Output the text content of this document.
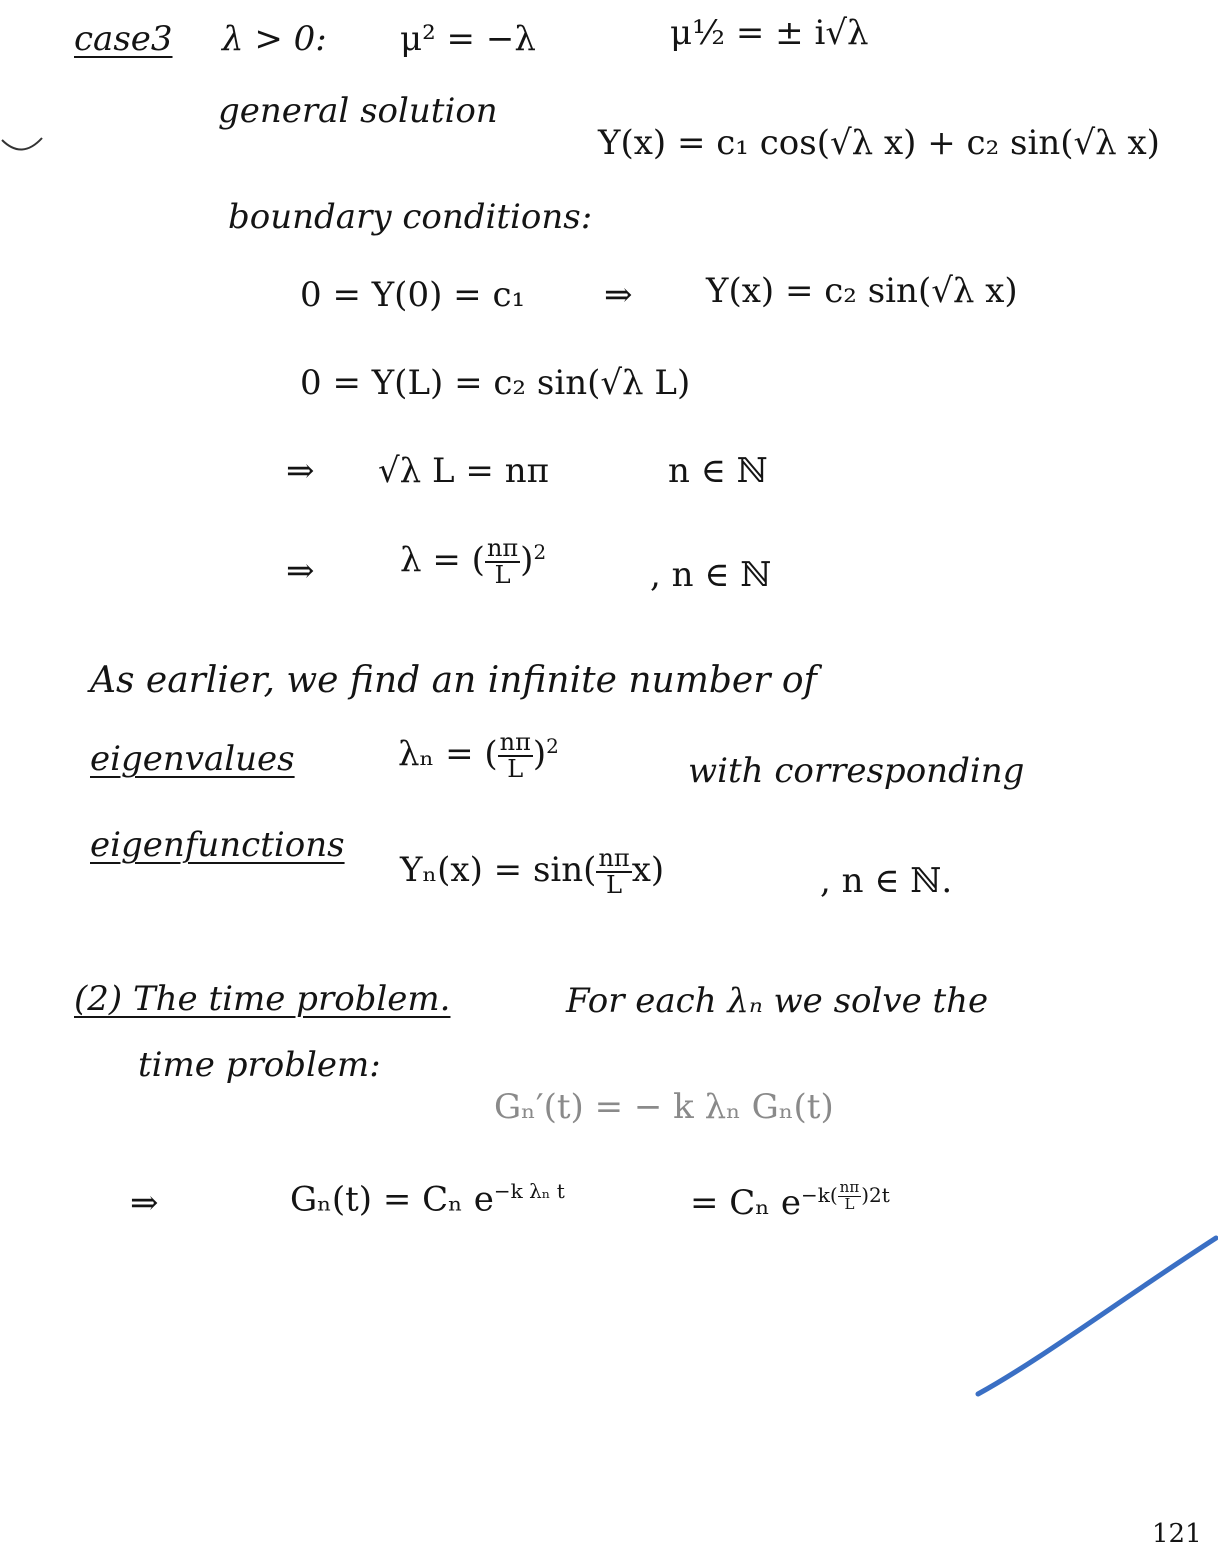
case3 λ > 0: μ² = −λ	μ½ = ± i√λ
general solution
Y(x) = c₁ cos(√λ x) + c₂ sin(√λ x)
boundary conditions:
0 = Y(0) = c₁ ⇒ Y(x) = c₂ sin(√λ x)
0 = Y(L) = c₂ sin(√λ L)
⇒ √λ L = nπ	n ∈ ℕ
⇒	λ = ( $\frac{n\pi}{L} )^2$
, n ∈ ℕ
As earlier, we find an infinite number of
eigenvalues	λₙ = ( $\frac{n\pi}{L} )^2$
with corresponding
eigenfunctions
$Y_n(x) = \sin( \frac{n\pi}{L} x)$	, n ∈ ℕ.
(2) The time problem.	For each λₙ we solve the
time problem:
Gₙ′(t) = − k λₙ Gₙ(t)
⇒	Gₙ(t) = Cₙ $e^{-k \lambda_n t}$	= Cₙ $e^{-k( \frac{n\pi}{L} )2t}$
121
